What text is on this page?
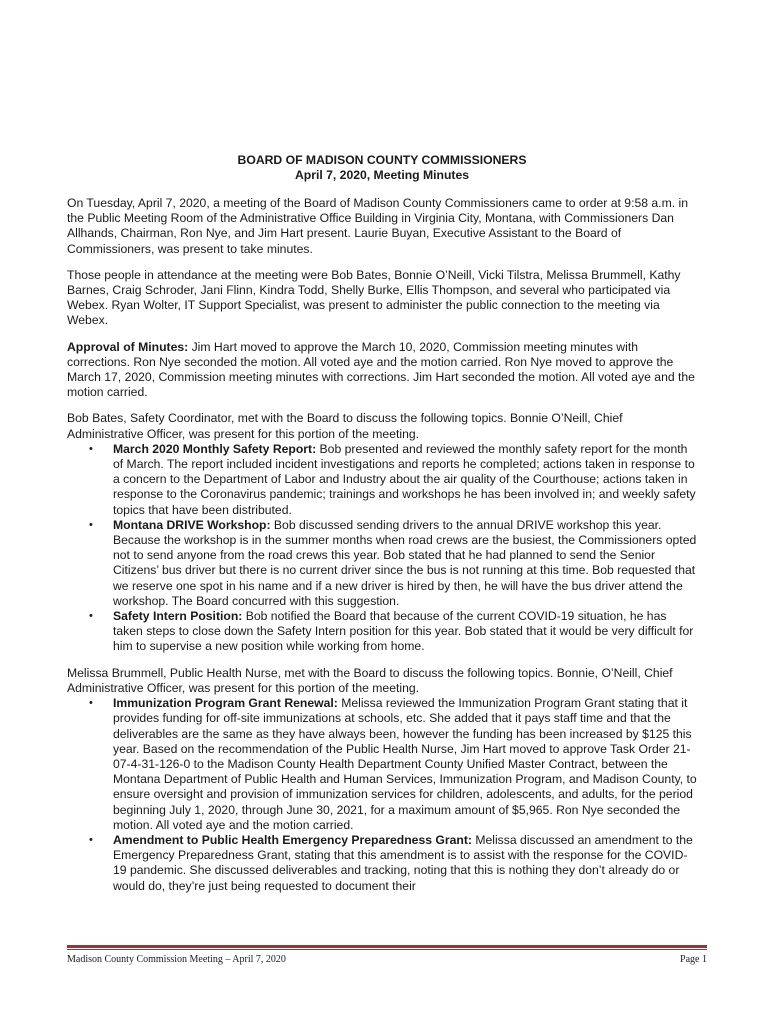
BOARD OF MADISON COUNTY COMMISSIONERS
April 7, 2020, Meeting Minutes

On Tuesday, April 7, 2020, a meeting of the Board of Madison County Commissioners came to order at 9:58 a.m. in the Public Meeting Room of the Administrative Office Building in Virginia City, Montana, with Commissioners Dan Allhands, Chairman, Ron Nye, and Jim Hart present. Laurie Buyan, Executive Assistant to the Board of Commissioners, was present to take minutes.

Those people in attendance at the meeting were Bob Bates, Bonnie O’Neill, Vicki Tilstra, Melissa Brummell, Kathy Barnes, Craig Schroder, Jani Flinn, Kindra Todd, Shelly Burke, Ellis Thompson, and several who participated via Webex. Ryan Wolter, IT Support Specialist, was present to administer the public connection to the meeting via Webex.

Approval of Minutes: Jim Hart moved to approve the March 10, 2020, Commission meeting minutes with corrections. Ron Nye seconded the motion. All voted aye and the motion carried. Ron Nye moved to approve the March 17, 2020, Commission meeting minutes with corrections. Jim Hart seconded the motion. All voted aye and the motion carried.

Bob Bates, Safety Coordinator, met with the Board to discuss the following topics. Bonnie O’Neill, Chief Administrative Officer, was present for this portion of the meeting.

• March 2020 Monthly Safety Report: Bob presented and reviewed the monthly safety report for the month of March. The report included incident investigations and reports he completed; actions taken in response to a concern to the Department of Labor and Industry about the air quality of the Courthouse; actions taken in response to the Coronavirus pandemic; trainings and workshops he has been involved in; and weekly safety topics that have been distributed.
• Montana DRIVE Workshop: Bob discussed sending drivers to the annual DRIVE workshop this year. Because the workshop is in the summer months when road crews are the busiest, the Commissioners opted not to send anyone from the road crews this year. Bob stated that he had planned to send the Senior Citizens’ bus driver but there is no current driver since the bus is not running at this time. Bob requested that we reserve one spot in his name and if a new driver is hired by then, he will have the bus driver attend the workshop. The Board concurred with this suggestion.
• Safety Intern Position: Bob notified the Board that because of the current COVID-19 situation, he has taken steps to close down the Safety Intern position for this year. Bob stated that it would be very difficult for him to supervise a new position while working from home.

Melissa Brummell, Public Health Nurse, met with the Board to discuss the following topics. Bonnie, O’Neill, Chief Administrative Officer, was present for this portion of the meeting.

• Immunization Program Grant Renewal: Melissa reviewed the Immunization Program Grant stating that it provides funding for off-site immunizations at schools, etc. She added that it pays staff time and that the deliverables are the same as they have always been, however the funding has been increased by $125 this year. Based on the recommendation of the Public Health Nurse, Jim Hart moved to approve Task Order 21-07-4-31-126-0 to the Madison County Health Department County Unified Master Contract, between the Montana Department of Public Health and Human Services, Immunization Program, and Madison County, to ensure oversight and provision of immunization services for children, adolescents, and adults, for the period beginning July 1, 2020, through June 30, 2021, for a maximum amount of $5,965. Ron Nye seconded the motion. All voted aye and the motion carried.
• Amendment to Public Health Emergency Preparedness Grant: Melissa discussed an amendment to the Emergency Preparedness Grant, stating that this amendment is to assist with the response for the COVID-19 pandemic. She discussed deliverables and tracking, noting that this is nothing they don’t already do or would do, they’re just being requested to document their
Madison County Commission Meeting – April 7, 2020	Page 1
